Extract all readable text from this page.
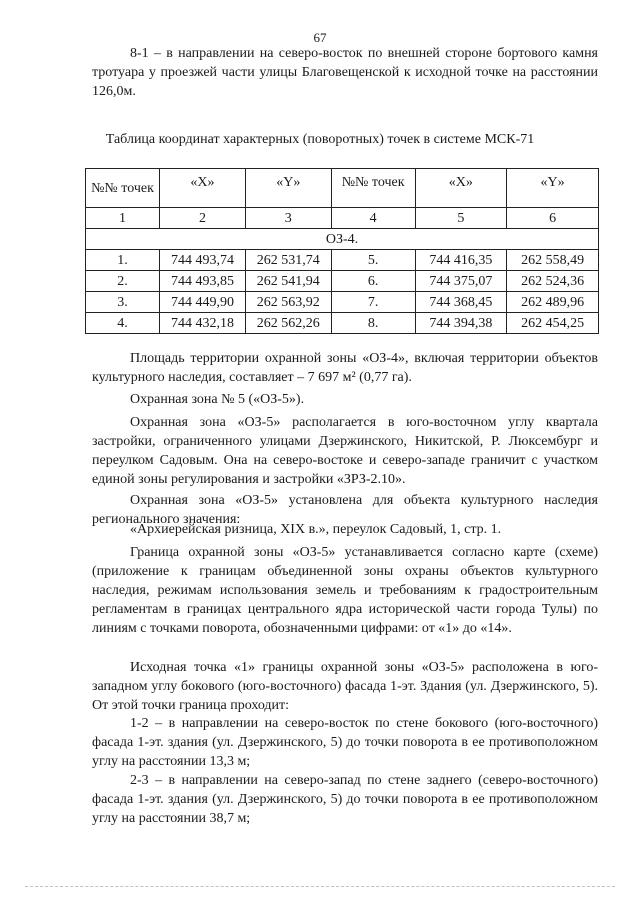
67
8-1 – в направлении на северо-восток по внешней стороне бортового камня тротуара у проезжей части улицы Благовещенской к исходной точке на расстоянии 126,0м.
Таблица координат характерных (поворотных) точек в системе МСК-71
№№ точек	«X»	«Y»	№№ точек	«X»	«Y»
1	2	3	4	5	6
ОЗ-4.					
1.	744 493,74	262 531,74	5.	744 416,35	262 558,49
2.	744 493,85	262 541,94	6.	744 375,07	262 524,36
3.	744 449,90	262 563,92	7.	744 368,45	262 489,96
4.	744 432,18	262 562,26	8.	744 394,38	262 454,25
Площадь территории охранной зоны «ОЗ-4», включая территории объектов культурного наследия, составляет – 7 697 м² (0,77 га).
Охранная зона № 5 («ОЗ-5»).
Охранная зона «ОЗ-5» располагается в юго-восточном углу квартала застройки, ограниченного улицами Дзержинского, Никитской, Р. Люксембург и переулком Садовым. Она на северо-востоке и северо-западе граничит с участком единой зоны регулирования и застройки «ЗРЗ-2.10».
Охранная зона «ОЗ-5» установлена для объекта культурного наследия регионального значения:
«Архиерейская ризница, XIX в.», переулок Садовый, 1, стр. 1.
Граница охранной зоны «ОЗ-5» устанавливается согласно карте (схеме) (приложение к границам объединенной зоны охраны объектов культурного наследия, режимам использования земель и требованиям к градостроительным регламентам в границах центрального ядра исторической части города Тулы) по линиям с точками поворота, обозначенными цифрами: от «1» до «14».
Исходная точка «1» границы охранной зоны «ОЗ-5» расположена в юго-западном углу бокового (юго-восточного) фасада 1-эт. Здания (ул. Дзержинского, 5). От этой точки граница проходит:
1-2 – в направлении на северо-восток по стене бокового (юго-восточного) фасада 1-эт. здания (ул. Дзержинского, 5) до точки поворота в ее противоположном углу на расстоянии 13,3 м;
2-3 – в направлении на северо-запад по стене заднего (северо-восточного) фасада 1-эт. здания (ул. Дзержинского, 5) до точки поворота в ее противоположном углу на расстоянии 38,7 м;
